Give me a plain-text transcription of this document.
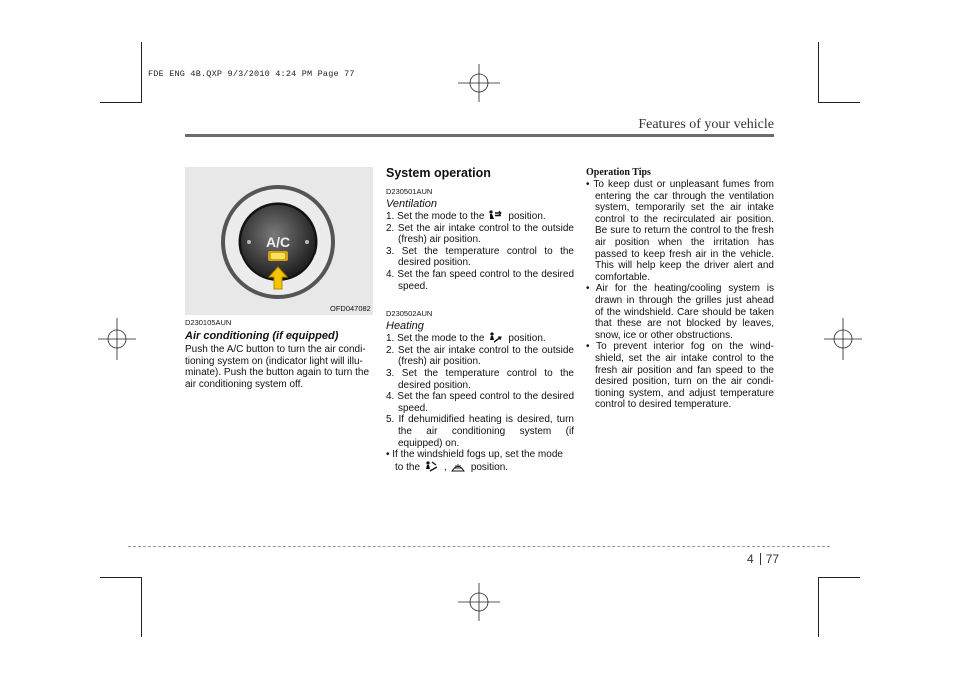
FDE ENG 4B.QXP 9/3/2010 4:24 PM Page 77
Features of your vehicle
A/C
OFD047082
D230105AUN
Air conditioning (if equipped)
Push the A/C button to turn the air condi-tioning system on (indicator light will illu-minate). Push the button again to turn the air conditioning system off.
System operation
D230501AUN
Ventilation
1. Set the mode to the position.
2. Set the air intake control to the outside (fresh) air position.
3. Set the temperature control to the desired position.
4. Set the fan speed control to the desired speed.
D230502AUN
Heating
1. Set the mode to the position.
2. Set the air intake control to the outside (fresh) air position.
3. Set the temperature control to the desired position.
4. Set the fan speed control to the desired speed.
5. If dehumidified heating is desired, turn the air conditioning system (if equipped) on.
• If the windshield fogs up, set the mode to the , position.
Operation Tips
• To keep dust or unpleasant fumes from entering the car through the ventilation system, temporarily set the air intake control to the recirculated air position. Be sure to return the control to the fresh air position when the irritation has passed to keep fresh air in the vehicle. This will help keep the driver alert and comfortable.
• Air for the heating/cooling system is drawn in through the grilles just ahead of the windshield. Care should be taken that these are not blocked by leaves, snow, ice or other obstructions.
• To prevent interior fog on the wind-shield, set the air intake control to the fresh air position and fan speed to the desired position, turn on the air condi-tioning system, and adjust temperature control to desired temperature.
4 77
